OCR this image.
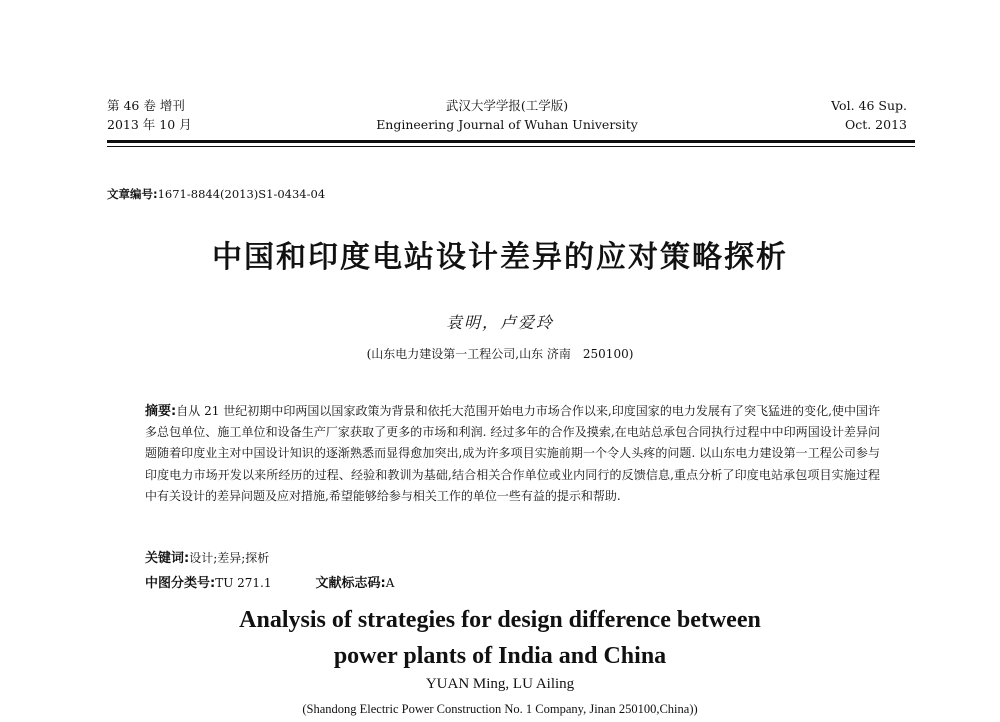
第 46 卷 增刊
2013 年 10 月
武汉大学学报(工学版)
Engineering Journal of Wuhan University
Vol. 46 Sup.
Oct. 2013
文章编号:1671-8844(2013)S1-0434-04
中国和印度电站设计差异的应对策略探析
袁明，卢爱玲
(山东电力建设第一工程公司,山东 济南　250100)
摘要:自从 21 世纪初期中印两国以国家政策为背景和依托大范围开始电力市场合作以来,印度国家的电力发展有了突飞猛进的变化,使中国许多总包单位、施工单位和设备生产厂家获取了更多的市场和利润. 经过多年的合作及摸索,在电站总承包合同执行过程中中印两国设计差异问题随着印度业主对中国设计知识的逐渐熟悉而显得愈加突出,成为许多项目实施前期一个令人头疼的问题. 以山东电力建设第一工程公司参与印度电力市场开发以来所经历的过程、经验和教训为基础,结合相关合作单位或业内同行的反馈信息,重点分析了印度电站承包项目实施过程中有关设计的差异问题及应对措施,希望能够给参与相关工作的单位一些有益的提示和帮助.
关键词:设计;差异;探析
中图分类号:TU 271.1	文献标志码:A
Analysis of strategies for design difference between
power plants of India and China
YUAN Ming, LU Ailing
(Shandong Electric Power Construction No. 1 Company, Jinan 250100,China))
